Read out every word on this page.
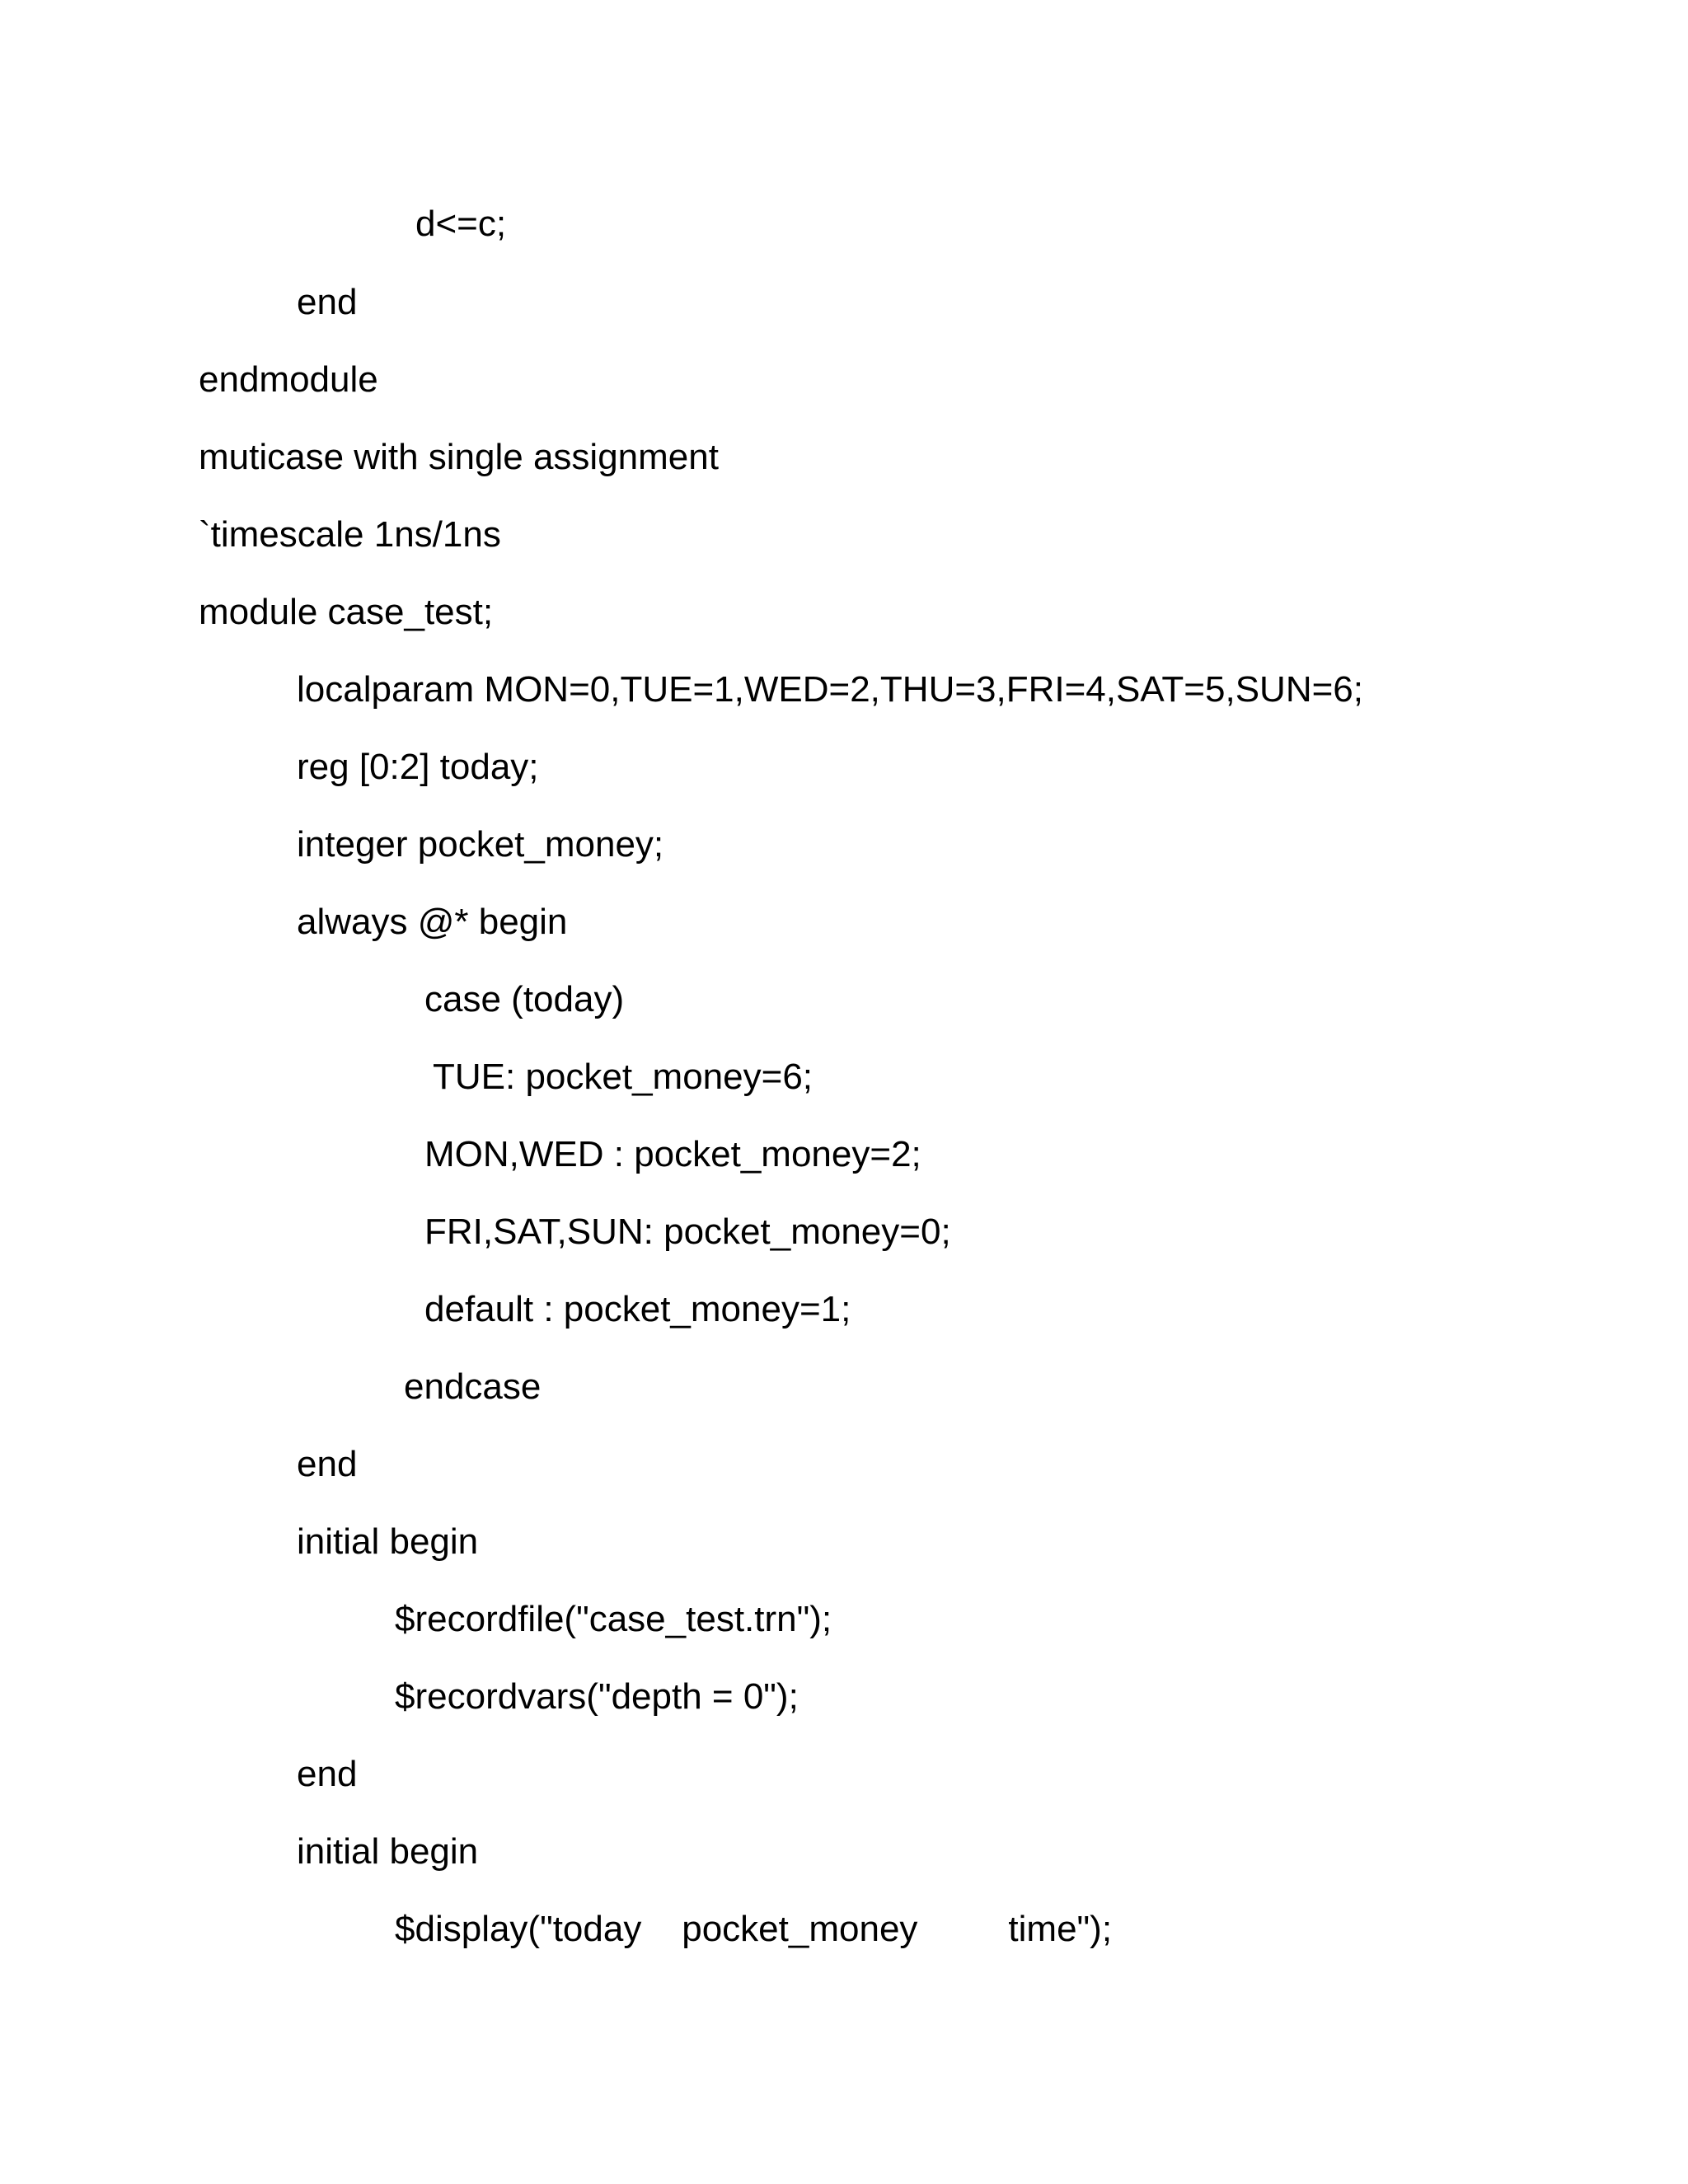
d<=c;

end

endmodule

muticase with single assignment

`timescale 1ns/1ns

module case_test;

localparam MON=0,TUE=1,WED=2,THU=3,FRI=4,SAT=5,SUN=6;

reg [0:2] today;

integer pocket_money;

always @* begin

case (today)

TUE: pocket_money=6;

MON,WED : pocket_money=2;

FRI,SAT,SUN: pocket_money=0;

default : pocket_money=1;

endcase

end

initial begin

$recordfile("case_test.trn");

$recordvars("depth = 0");

end

initial begin

$display("today    pocket_money         time");
